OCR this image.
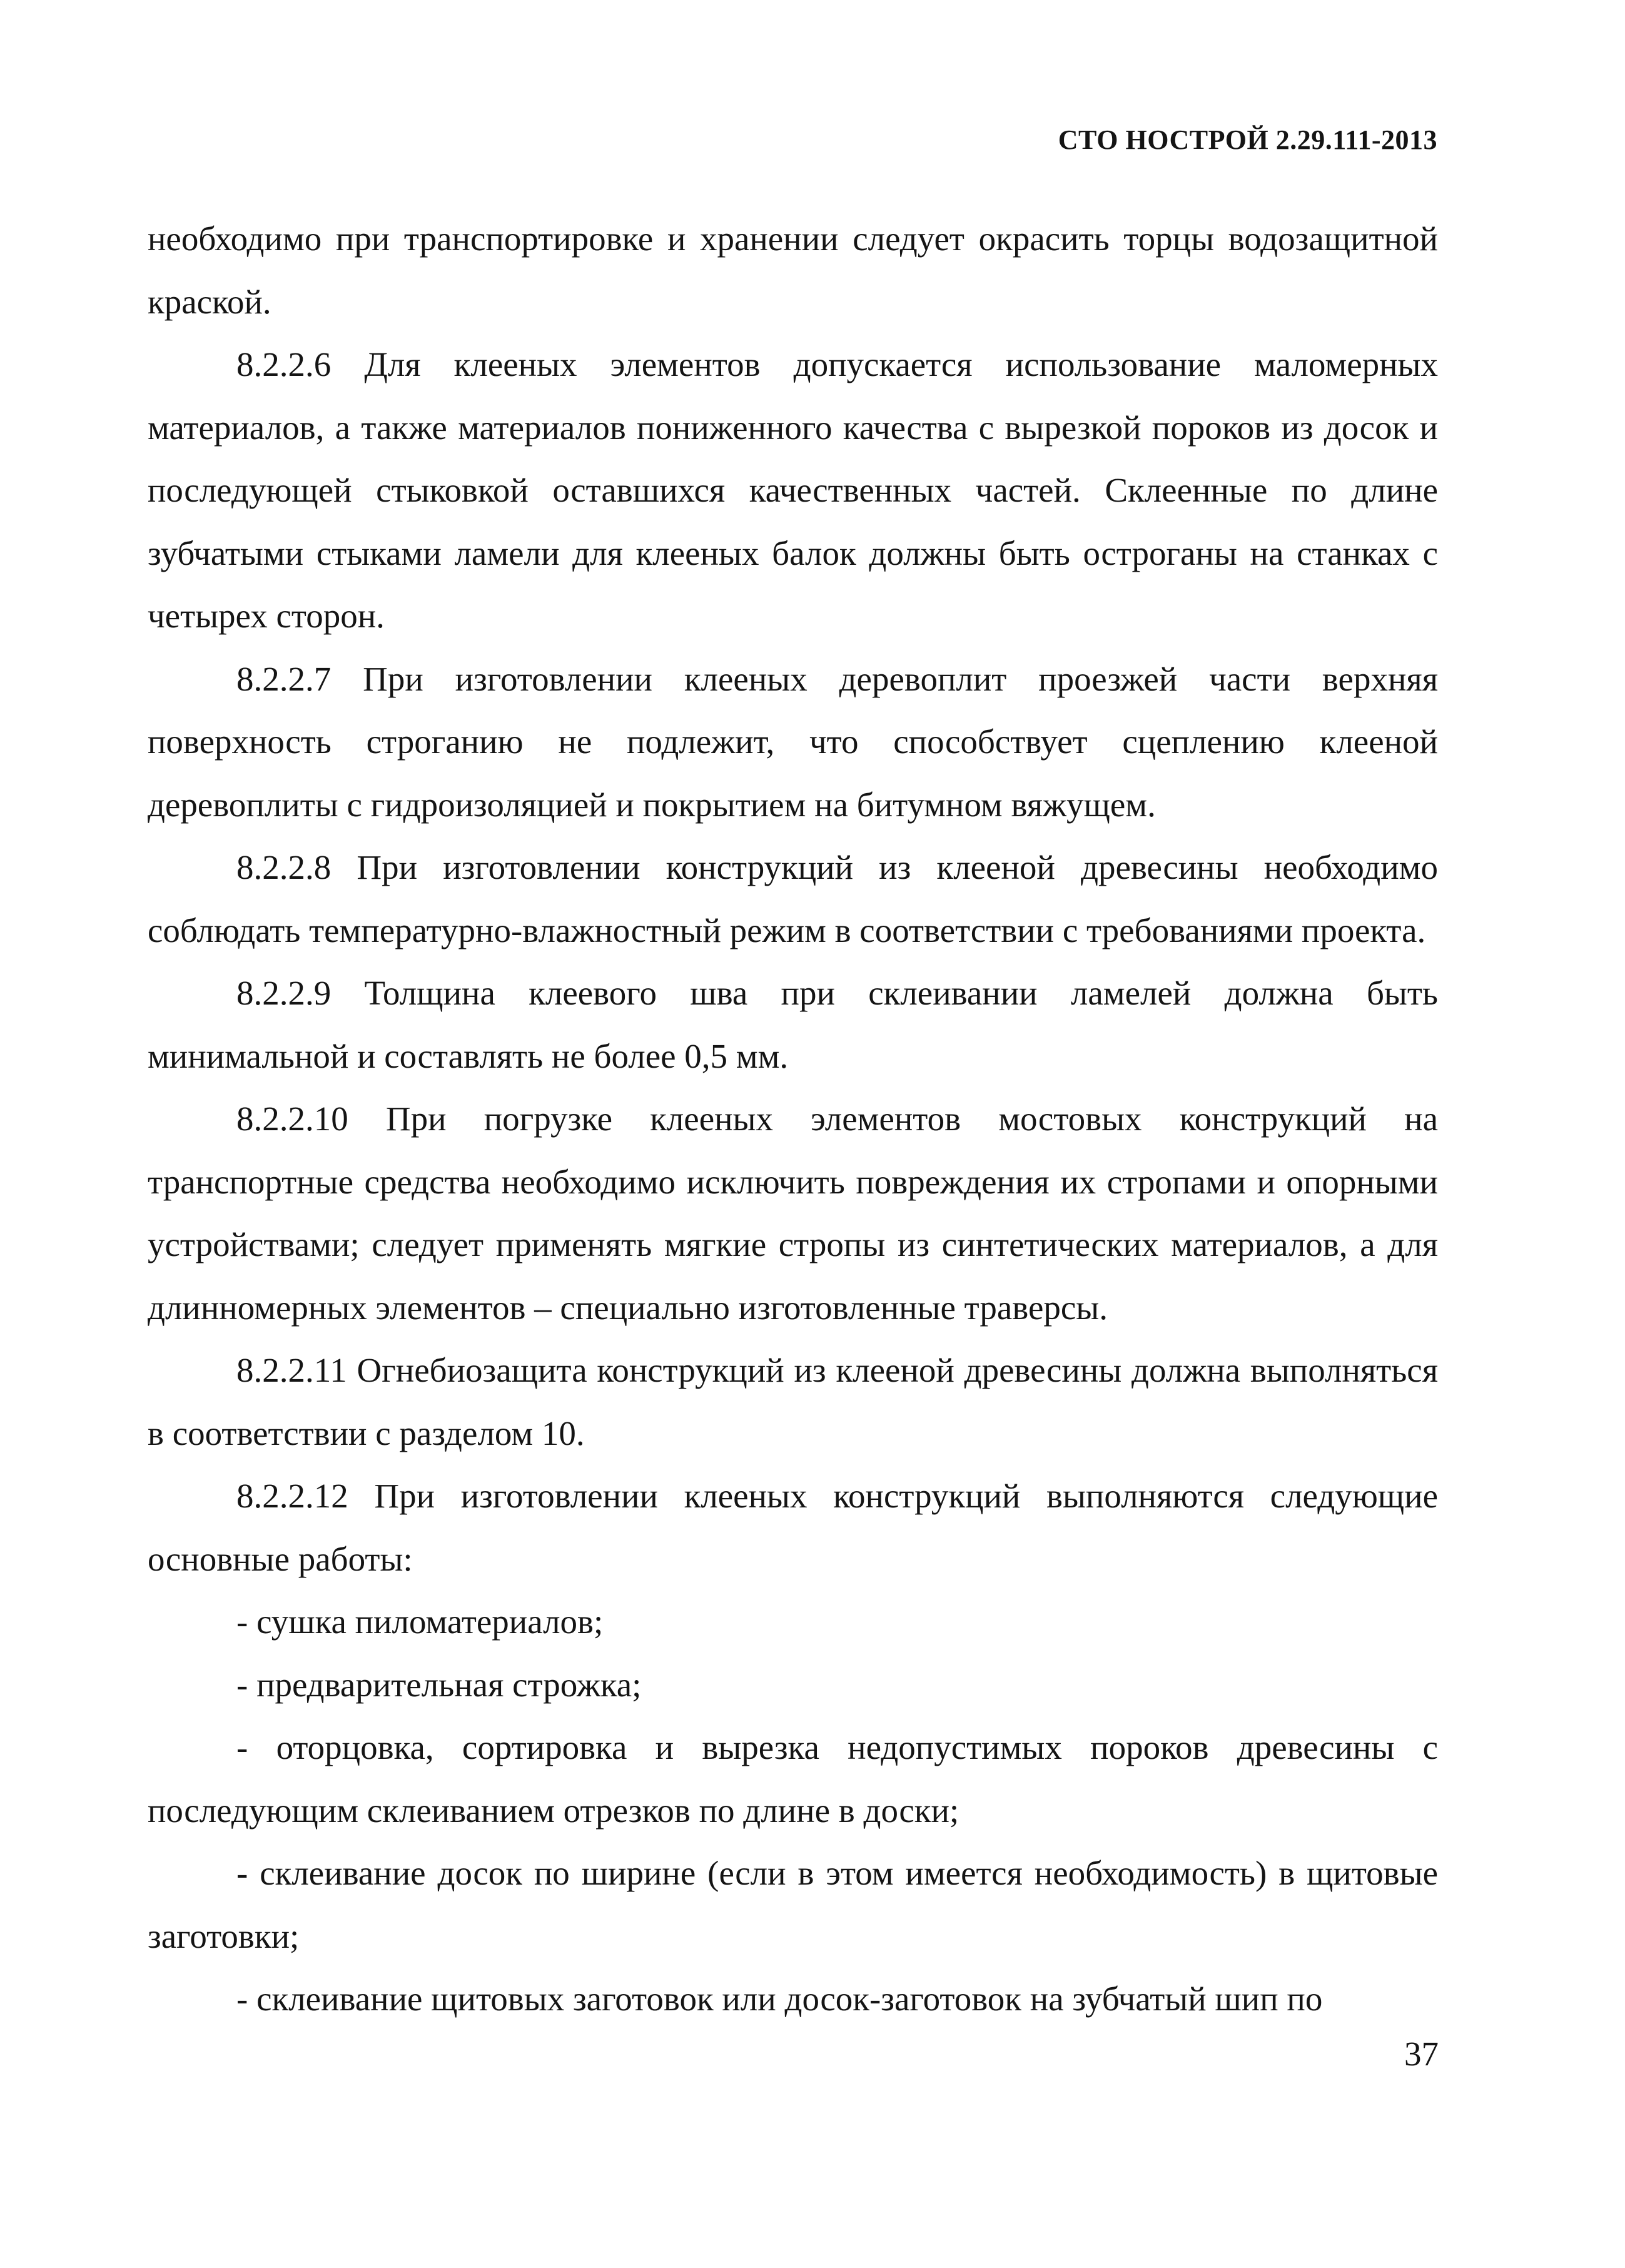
СТО НОСТРОЙ 2.29.111-2013

необходимо при транспортировке и хранении следует окрасить торцы водозащитной краской.

8.2.2.6 Для клееных элементов допускается использование маломерных материалов, а также материалов пониженного качества с вырезкой пороков из досок и последующей стыковкой оставшихся качественных частей. Склеенные по длине зубчатыми стыками ламели для клееных балок должны быть острoганы на станках с четырех сторон.

8.2.2.7 При изготовлении клееных деревоплит проезжей части верхняя поверхность строганию не подлежит, что способствует сцеплению клееной деревоплиты с гидроизоляцией и покрытием на битумном вяжущем.

8.2.2.8 При изготовлении конструкций из клееной древесины необходимо соблюдать температурно-влажностный режим в соответствии с требованиями проекта.

8.2.2.9 Толщина клеевого шва при склеивании ламелей должна быть минимальной и составлять не более 0,5 мм.

8.2.2.10 При погрузке клееных элементов мостовых конструкций на транспортные средства необходимо исключить повреждения их стропами и опорными устройствами; следует применять мягкие стропы из синтетических материалов, а для длинномерных элементов – специально изготовленные траверсы.

8.2.2.11 Огнебиозащита конструкций из клееной древесины должна выполняться в соответствии с разделом 10.

8.2.2.12 При изготовлении клееных конструкций выполняются следующие основные работы:

- сушка пиломатериалов;

- предварительная строжка;

- оторцовка, сортировка и вырезка недопустимых пороков древесины с последующим склеиванием отрезков по длине в доски;

- склеивание досок по ширине (если в этом имеется необходимость) в щитовые заготовки;

- склеивание щитовых заготовок или досок-заготовок на зубчатый шип по

37
